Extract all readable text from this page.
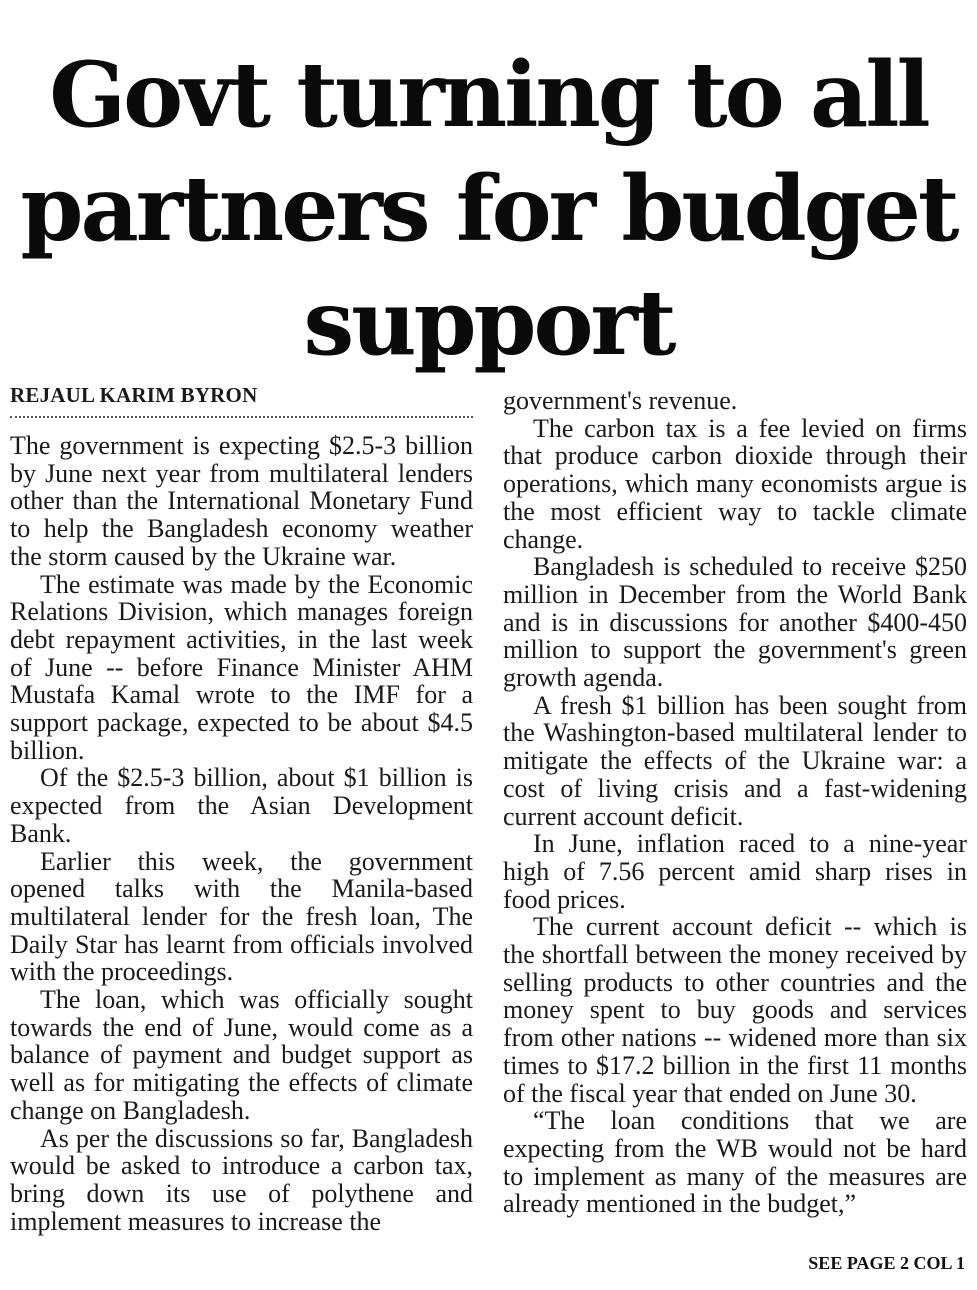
Govt turning to all partners for budget support
REJAUL KARIM BYRON

The government is expecting $2.5-3 billion by June next year from multilateral lenders other than the International Monetary Fund to help the Bangladesh economy weather the storm caused by the Ukraine war.

The estimate was made by the Economic Relations Division, which manages foreign debt repayment activities, in the last week of June -- before Finance Minister AHM Mustafa Kamal wrote to the IMF for a support package, expected to be about $4.5 billion.

Of the $2.5-3 billion, about $1 billion is expected from the Asian Development Bank.

Earlier this week, the government opened talks with the Manila-based multilateral lender for the fresh loan, The Daily Star has learnt from officials involved with the proceedings.

The loan, which was officially sought towards the end of June, would come as a balance of payment and budget support as well as for mitigating the effects of climate change on Bangladesh.

As per the discussions so far, Bangladesh would be asked to introduce a carbon tax, bring down its use of polythene and implement measures to increase the

government's revenue.

The carbon tax is a fee levied on firms that produce carbon dioxide through their operations, which many economists argue is the most efficient way to tackle climate change.

Bangladesh is scheduled to receive $250 million in December from the World Bank and is in discussions for another $400-450 million to support the government's green growth agenda.

A fresh $1 billion has been sought from the Washington-based multilateral lender to mitigate the effects of the Ukraine war: a cost of living crisis and a fast-widening current account deficit.

In June, inflation raced to a nine-year high of 7.56 percent amid sharp rises in food prices.

The current account deficit -- which is the shortfall between the money received by selling products to other countries and the money spent to buy goods and services from other nations -- widened more than six times to $17.2 billion in the first 11 months of the fiscal year that ended on June 30.

“The loan conditions that we are expecting from the WB would not be hard to implement as many of the measures are already mentioned in the budget,”

SEE PAGE 2 COL 1
